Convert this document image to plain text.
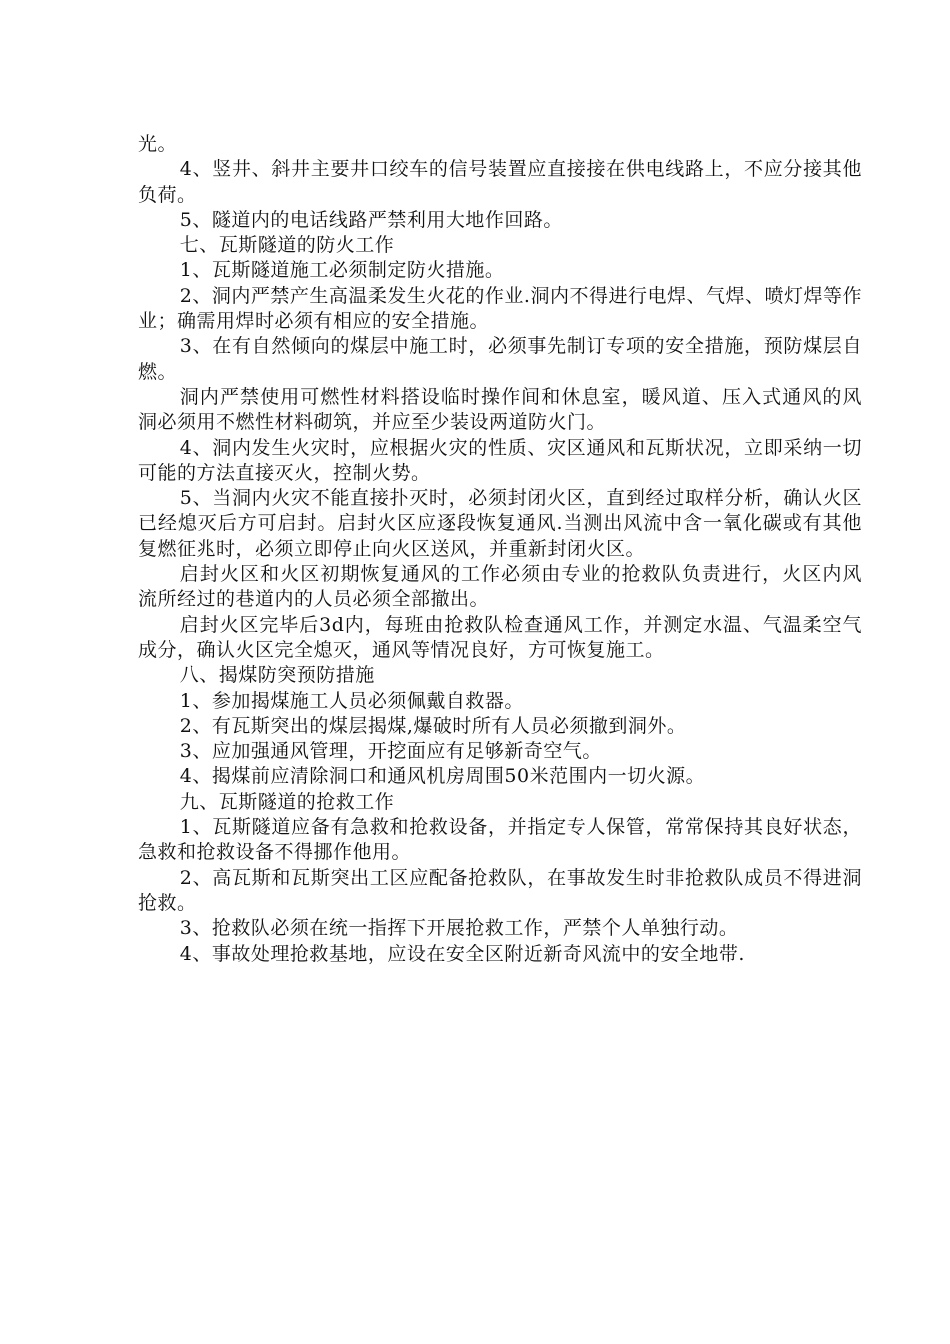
光。

4、竖井、斜井主要井口绞车的信号装置应直接接在供电线路上，不应分接其他负荷。

5、隧道内的电话线路严禁利用大地作回路。

七、瓦斯隧道的防火工作

1、瓦斯隧道施工必须制定防火措施。

2、洞内严禁产生高温柔发生火花的作业.洞内不得进行电焊、气焊、喷灯焊等作业；确需用焊时必须有相应的安全措施。

3、在有自然倾向的煤层中施工时，必须事先制订专项的安全措施，预防煤层自燃。

洞内严禁使用可燃性材料搭设临时操作间和休息室，暖风道、压入式通风的风洞必须用不燃性材料砌筑，并应至少装设两道防火门。

4、洞内发生火灾时，应根据火灾的性质、灾区通风和瓦斯状况，立即采纳一切可能的方法直接灭火，控制火势。

5、当洞内火灾不能直接扑灭时，必须封闭火区，直到经过取样分析，确认火区已经熄灭后方可启封。启封火区应逐段恢复通风.当测出风流中含一氧化碳或有其他复燃征兆时，必须立即停止向火区送风，并重新封闭火区。

启封火区和火区初期恢复通风的工作必须由专业的抢救队负责进行，火区内风流所经过的巷道内的人员必须全部撤出。

启封火区完毕后3d内，每班由抢救队检查通风工作，并测定水温、气温柔空气成分，确认火区完全熄灭，通风等情况良好，方可恢复施工。

八、揭煤防突预防措施

1、参加揭煤施工人员必须佩戴自救器。

2、有瓦斯突出的煤层揭煤,爆破时所有人员必须撤到洞外。

3、应加强通风管理，开挖面应有足够新奇空气。

4、揭煤前应清除洞口和通风机房周围50米范围内一切火源。

九、瓦斯隧道的抢救工作

1、瓦斯隧道应备有急救和抢救设备，并指定专人保管，常常保持其良好状态，急救和抢救设备不得挪作他用。

2、高瓦斯和瓦斯突出工区应配备抢救队，在事故发生时非抢救队成员不得进洞抢救。

3、抢救队必须在统一指挥下开展抢救工作，严禁个人单独行动。

4、事故处理抢救基地，应设在安全区附近新奇风流中的安全地带.
